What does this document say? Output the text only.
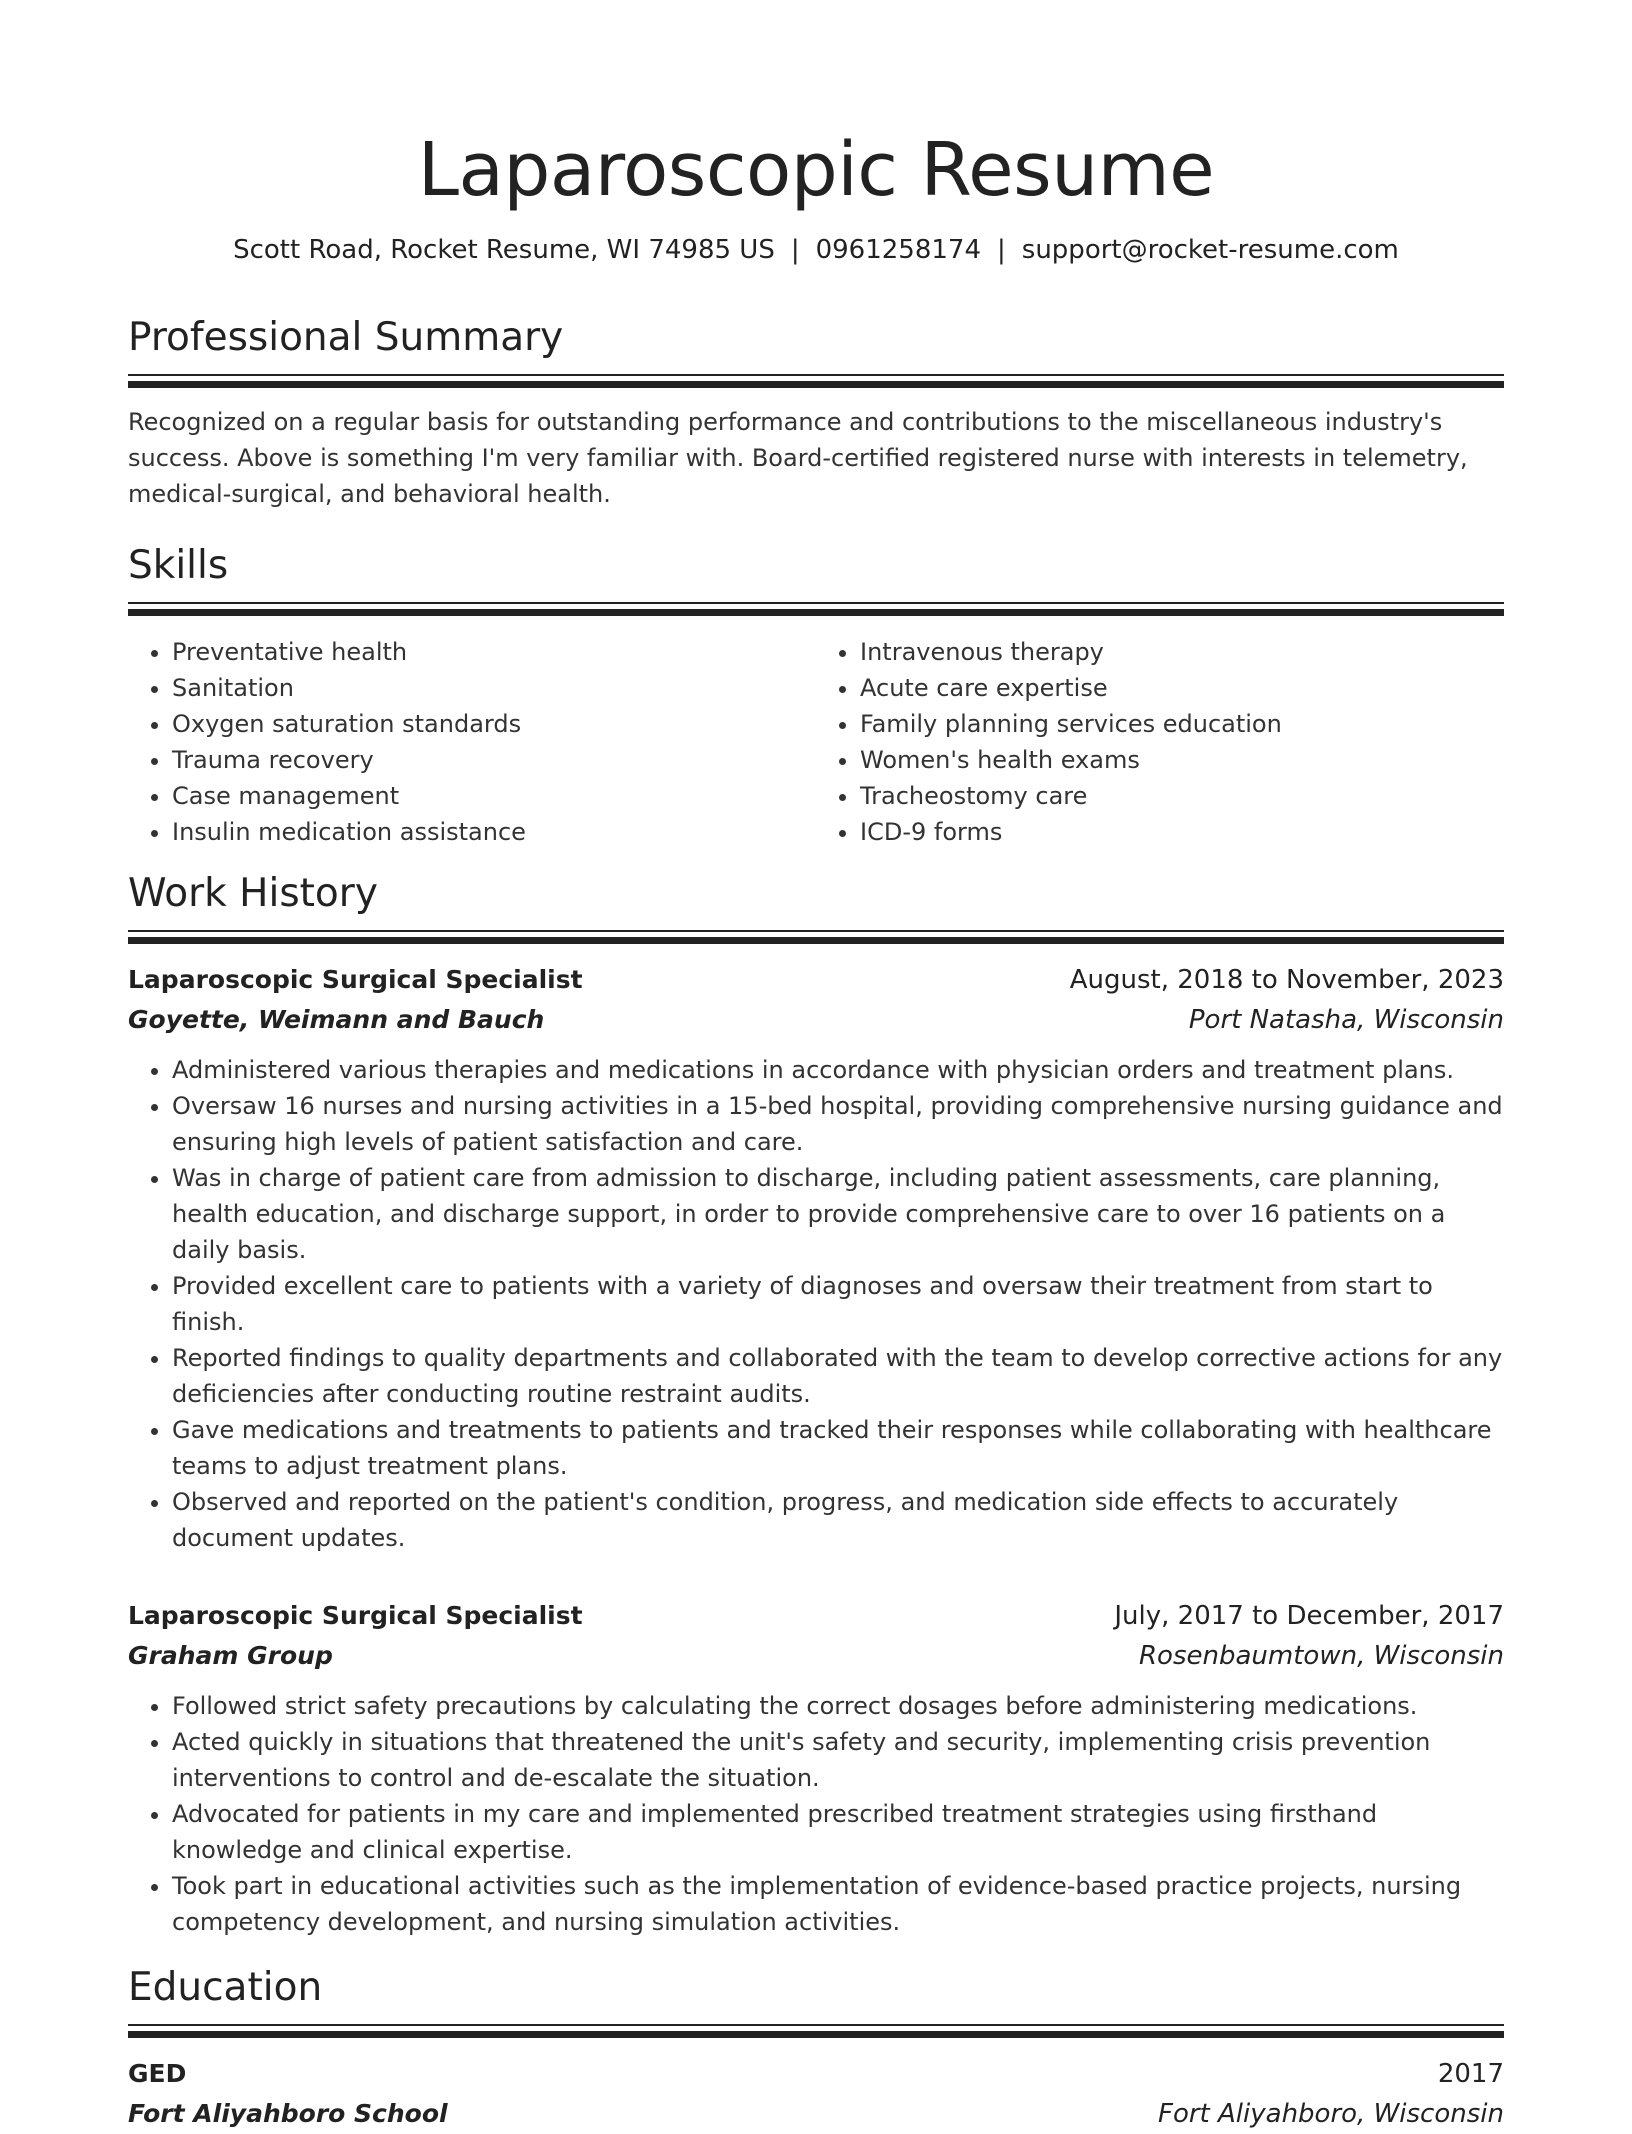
Laparoscopic Resume
Scott Road, Rocket Resume, WI 74985 US | 0961258174 | support@rocket-resume.com
Professional Summary

Recognized on a regular basis for outstanding performance and contributions to the miscellaneous industry's success. Above is something I'm very familiar with. Board-certified registered nurse with interests in telemetry, medical-surgical, and behavioral health.

Skills
• Preventative health
• Sanitation
• Oxygen saturation standards
• Trauma recovery
• Case management
• Insulin medication assistance
• Intravenous therapy
• Acute care expertise
• Family planning services education
• Women's health exams
• Tracheostomy care
• ICD-9 forms
Work History
Laparoscopic Surgical Specialist	August, 2018 to November, 2023
Goyette, Weimann and Bauch	Port Natasha, Wisconsin
• Administered various therapies and medications in accordance with physician orders and treatment plans.
• Oversaw 16 nurses and nursing activities in a 15-bed hospital, providing comprehensive nursing guidance and ensuring high levels of patient satisfaction and care.
• Was in charge of patient care from admission to discharge, including patient assessments, care planning, health education, and discharge support, in order to provide comprehensive care to over 16 patients on a daily basis.
• Provided excellent care to patients with a variety of diagnoses and oversaw their treatment from start to finish.
• Reported findings to quality departments and collaborated with the team to develop corrective actions for any deficiencies after conducting routine restraint audits.
• Gave medications and treatments to patients and tracked their responses while collaborating with healthcare teams to adjust treatment plans.
• Observed and reported on the patient's condition, progress, and medication side effects to accurately document updates.
Laparoscopic Surgical Specialist	July, 2017 to December, 2017
Graham Group	Rosenbaumtown, Wisconsin
• Followed strict safety precautions by calculating the correct dosages before administering medications.
• Acted quickly in situations that threatened the unit's safety and security, implementing crisis prevention interventions to control and de-escalate the situation.
• Advocated for patients in my care and implemented prescribed treatment strategies using firsthand knowledge and clinical expertise.
• Took part in educational activities such as the implementation of evidence-based practice projects, nursing competency development, and nursing simulation activities.
Education
GED	2017
Fort Aliyahboro School	Fort Aliyahboro, Wisconsin
